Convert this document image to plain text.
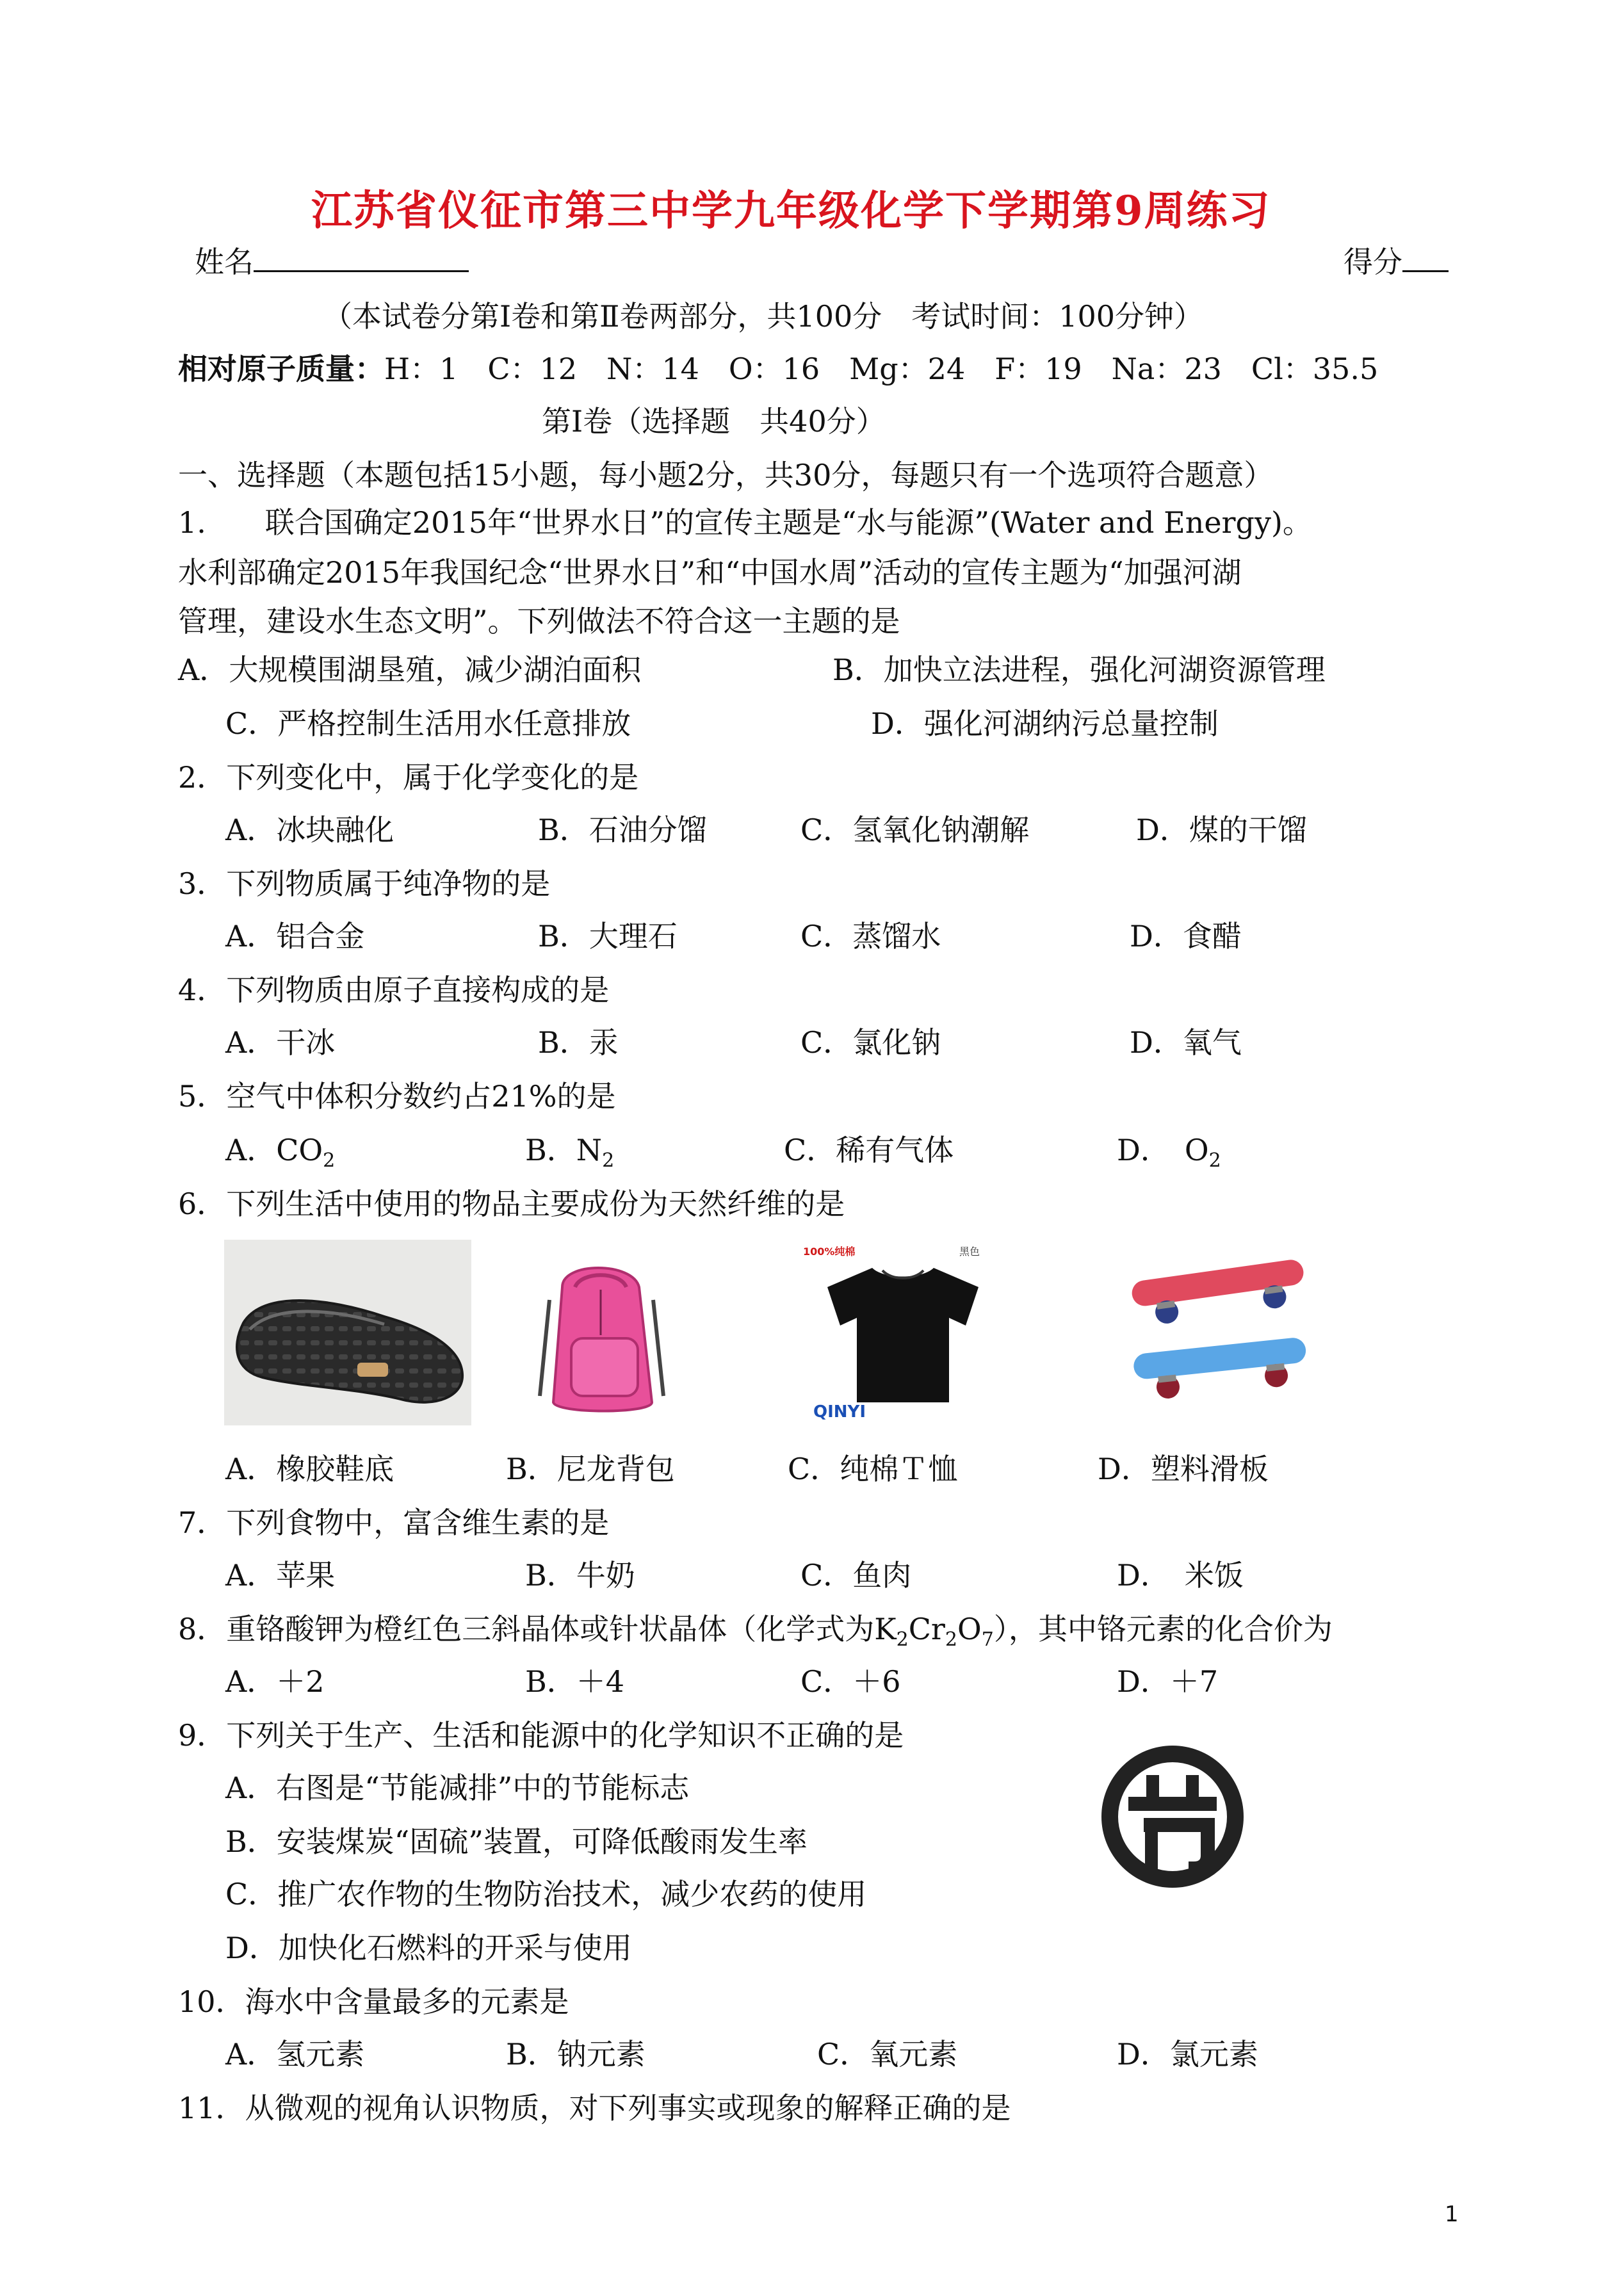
江苏省仪征市第三中学九年级化学下学期第9周练习
姓名	得分
（本试卷分第Ⅰ卷和第Ⅱ卷两部分，共100分　考试时间：100分钟）
相对原子质量：H：1　C：12　N：14　O：16　Mg：24　F：19　Na：23　Cl：35.5
第Ⅰ卷（选择题　共40分）
一、选择题（本题包括15小题，每小题2分，共30分，每题只有一个选项符合题意）
1.　　联合国确定2015年“世界水日”的宣传主题是“水与能源”(Water and Energy)。
水利部确定2015年我国纪念“世界水日”和“中国水周”活动的宣传主题为“加强河湖
管理，建设水生态文明”。下列做法不符合这一主题的是
A．大规模围湖垦殖，减少湖泊面积	B．加快立法进程，强化河湖资源管理
C．严格控制生活用水任意排放	D．强化河湖纳污总量控制
2．下列变化中，属于化学变化的是
A．冰块融化	B．石油分馏	C．氢氧化钠潮解	D．煤的干馏
3．下列物质属于纯净物的是
A．铝合金	B．大理石	C．蒸馏水	D．食醋
4．下列物质由原子直接构成的是
A．干冰	B．汞	C．氯化钠	D．氧气
5．空气中体积分数约占21%的是
A．$CO_2$	B．$N_2$	C．稀有气体	D．　$O_2$
6．下列生活中使用的物品主要成份为天然纤维的是
100%纯棉	黑色
QINYI
A．橡胶鞋底	B．尼龙背包	C．纯棉Ｔ恤	D．塑料滑板
7．下列食物中，富含维生素的是
A．苹果	B．牛奶	C．鱼肉	D．　米饭
8．重铬酸钾为橙红色三斜晶体或针状晶体（化学式为$K_2Cr_2O_7$），其中铬元素的化合价为
A．＋2	B．＋4	C．＋6	D．＋7
9．下列关于生产、生活和能源中的化学知识不正确的是
A．右图是“节能减排”中的节能标志
B．安装煤炭“固硫”装置，可降低酸雨发生率
C．推广农作物的生物防治技术，减少农药的使用
D．加快化石燃料的开采与使用
10．海水中含量最多的元素是
A．氢元素	B．钠元素	C．氧元素	D．氯元素
11．从微观的视角认识物质，对下列事实或现象的解释正确的是
1
